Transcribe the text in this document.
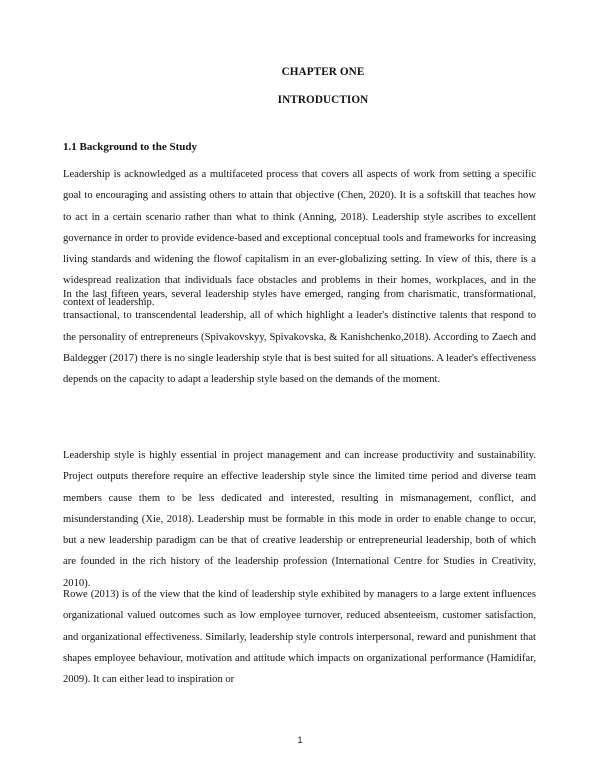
CHAPTER ONE
INTRODUCTION
1.1 Background to the Study

Leadership is acknowledged as a multifaceted process that covers all aspects of work from setting a specific goal to encouraging and assisting others to attain that objective (Chen, 2020). It is a softskill that teaches how to act in a certain scenario rather than what to think (Anning, 2018). Leadership style ascribes to excellent governance in order to provide evidence-based and exceptional conceptual tools and frameworks for increasing living standards and widening the flowof capitalism in an ever-globalizing setting. In view of this, there is a widespread realization that individuals face obstacles and problems in their homes, workplaces, and in the context of leadership.

In the last fifteen years, several leadership styles have emerged, ranging from charismatic, transformational, transactional, to transcendental leadership, all of which highlight a leader's distinctive talents that respond to the personality of entrepreneurs (Spivakovskyy, Spivakovska, & Kanishchenko,2018). According to Zaech and Baldegger (2017) there is no single leadership style that is best suited for all situations. A leader's effectiveness depends on the capacity to adapt a leadership style based on the demands of the moment.

Leadership style is highly essential in project management and can increase productivity and sustainability. Project outputs therefore require an effective leadership style since the limited time period and diverse team members cause them to be less dedicated and interested, resulting in mismanagement, conflict, and misunderstanding (Xie, 2018). Leadership must be formable in this mode in order to enable change to occur, but a new leadership paradigm can be that of creative leadership or entrepreneurial leadership, both of which are founded in the rich history of the leadership profession (International Centre for Studies in Creativity, 2010).

Rowe (2013) is of the view that the kind of leadership style exhibited by managers to a large extent influences organizational valued outcomes such as low employee turnover, reduced absenteeism, customer satisfaction, and organizational effectiveness. Similarly, leadership style controls interpersonal, reward and punishment that shapes employee behaviour, motivation and attitude which impacts on organizational performance (Hamidifar, 2009). It can either lead to inspiration or

1
